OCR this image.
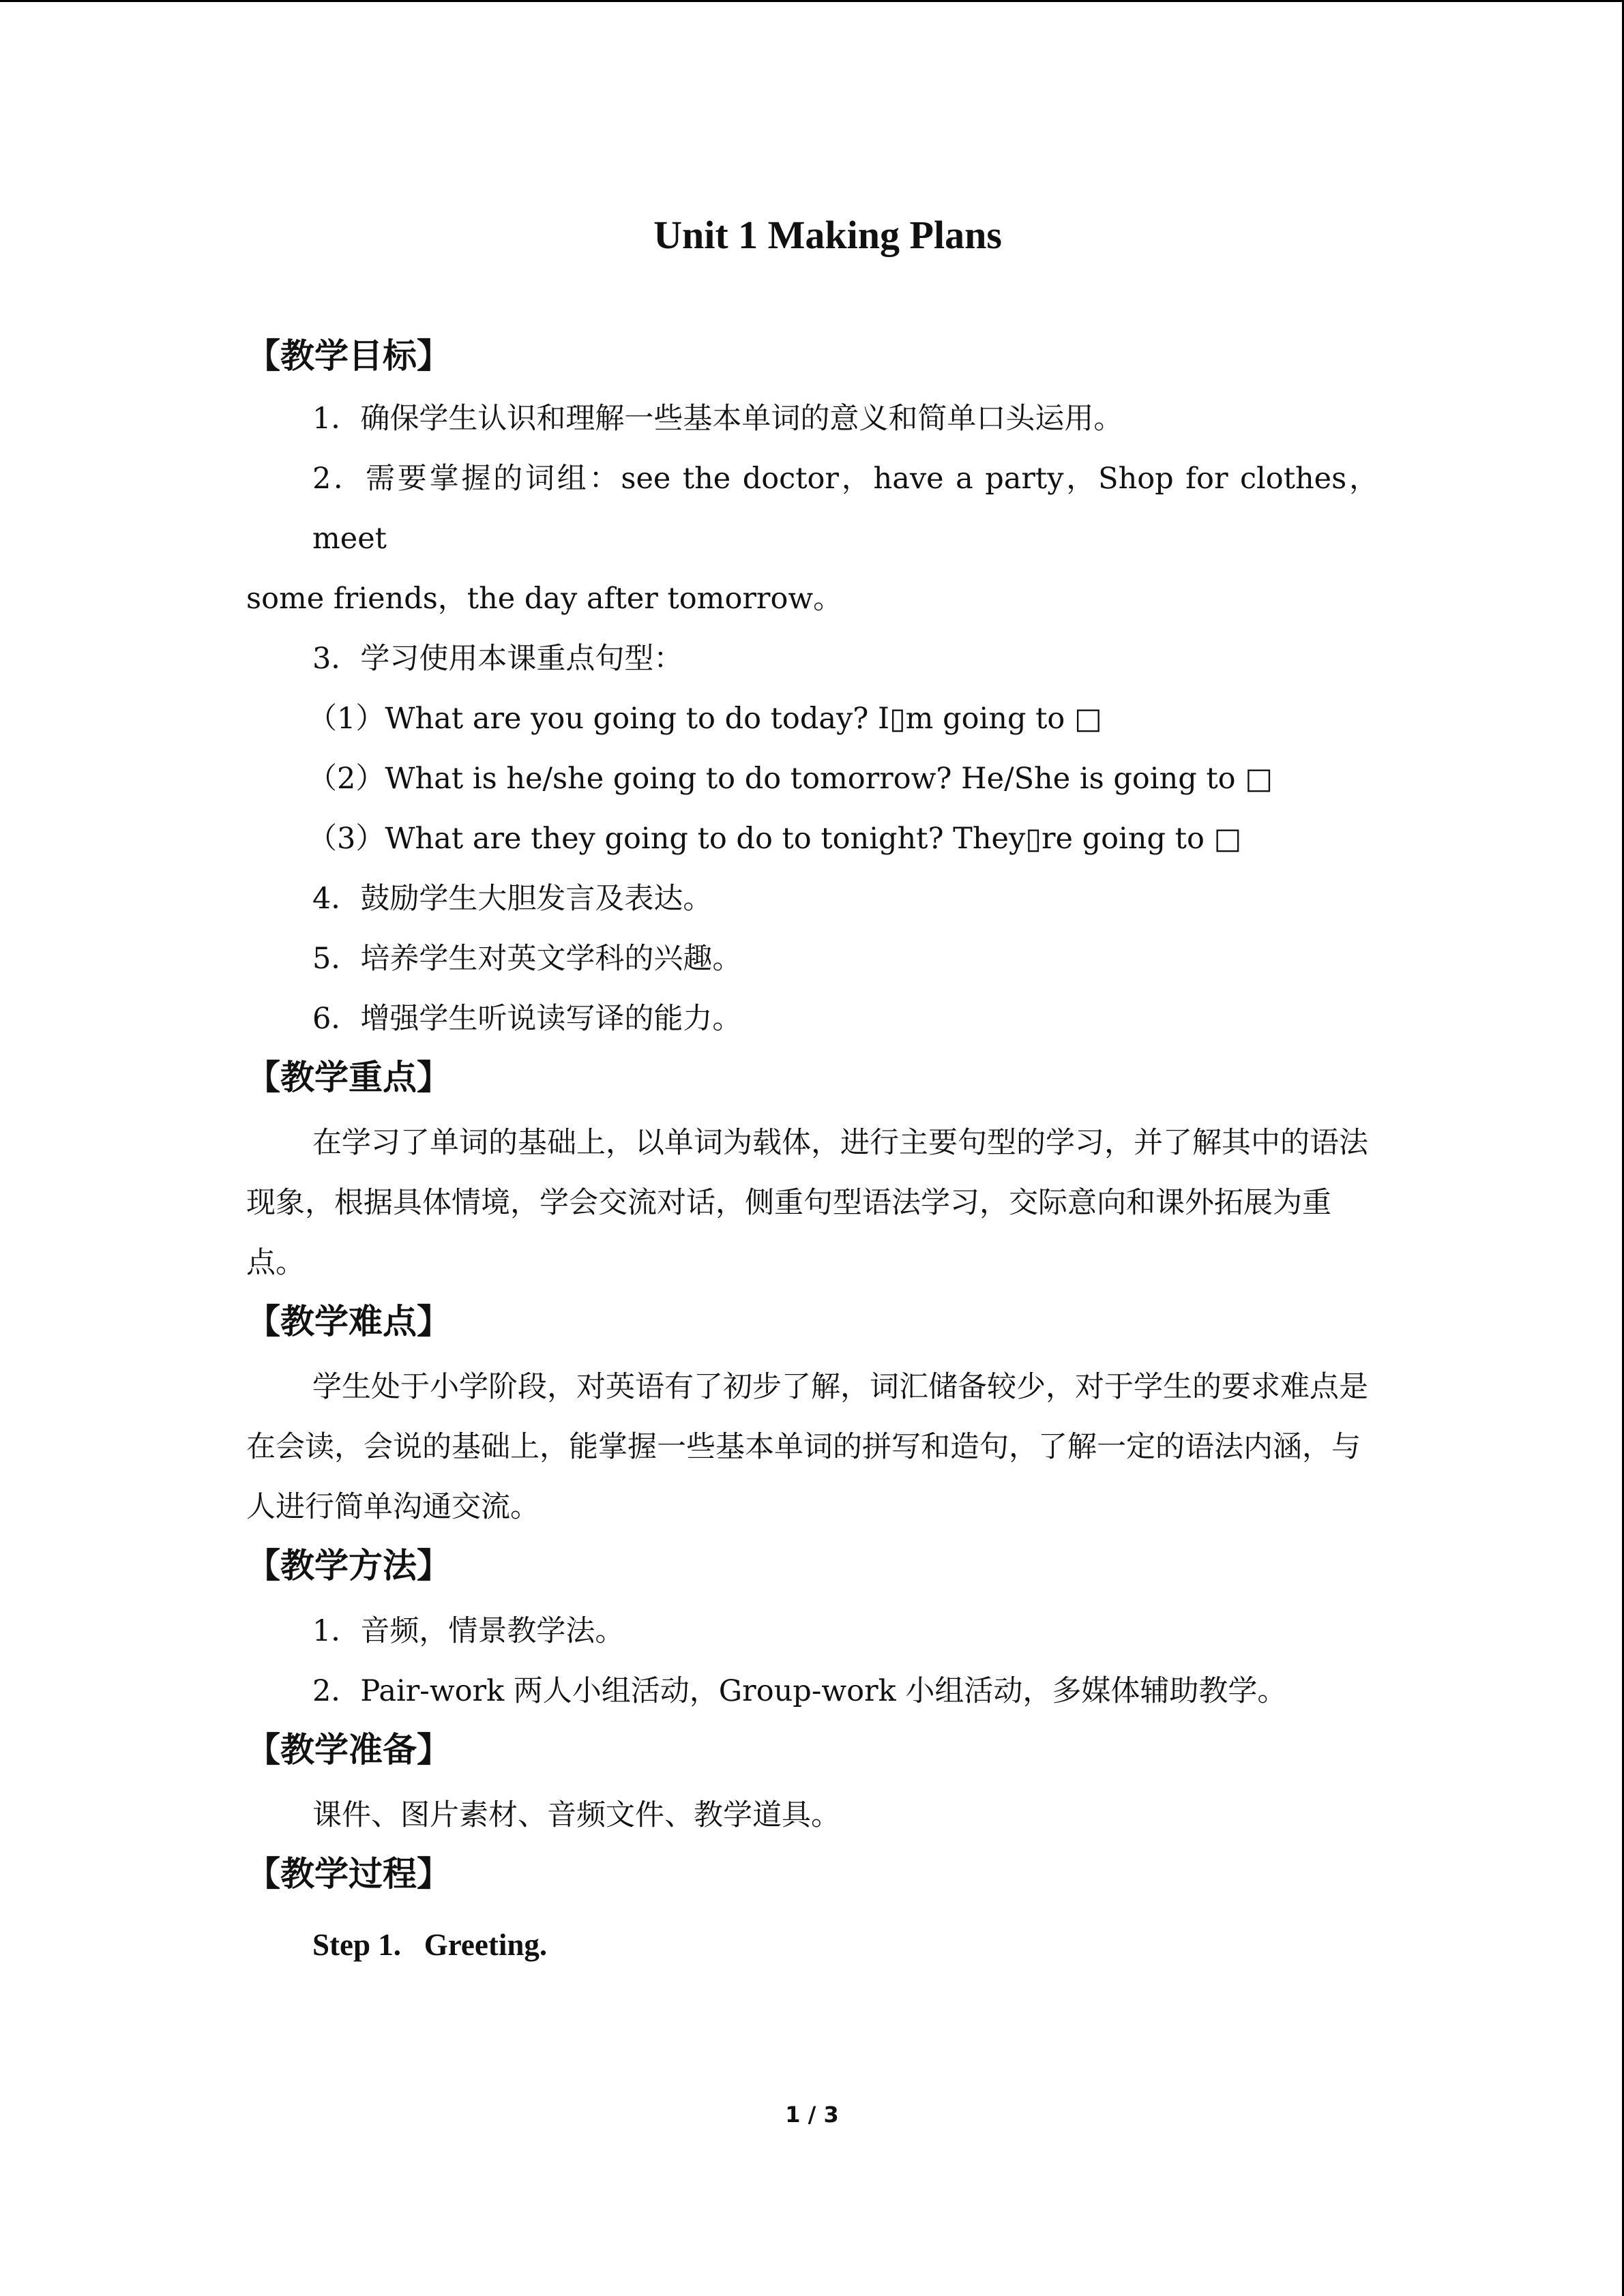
Unit 1 Making Plans
【教学目标】

1．确保学生认识和理解一些基本单词的意义和简单口头运用。

2．需要掌握的词组：see the doctor，have a party，Shop for clothes，meet

some friends，the day after tomorrow。

3．学习使用本课重点句型：

（1）What are you going to do today? I▯m going to □

（2）What is he/she going to do tomorrow? He/She is going to □

（3）What are they going to do to tonight? They▯re going to □

4．鼓励学生大胆发言及表达。

5．培养学生对英文学科的兴趣。

6．增强学生听说读写译的能力。

【教学重点】

在学习了单词的基础上，以单词为载体，进行主要句型的学习，并了解其中的语法现象，根据具体情境，学会交流对话，侧重句型语法学习，交际意向和课外拓展为重点。

【教学难点】

学生处于小学阶段，对英语有了初步了解，词汇储备较少，对于学生的要求难点是在会读，会说的基础上，能掌握一些基本单词的拼写和造句，了解一定的语法内涵，与人进行简单沟通交流。

【教学方法】

1．音频，情景教学法。

2．Pair-work 两人小组活动，Group-work 小组活动，多媒体辅助教学。

【教学准备】

课件、图片素材、音频文件、教学道具。

【教学过程】

Step 1.   Greeting.

1 / 3
